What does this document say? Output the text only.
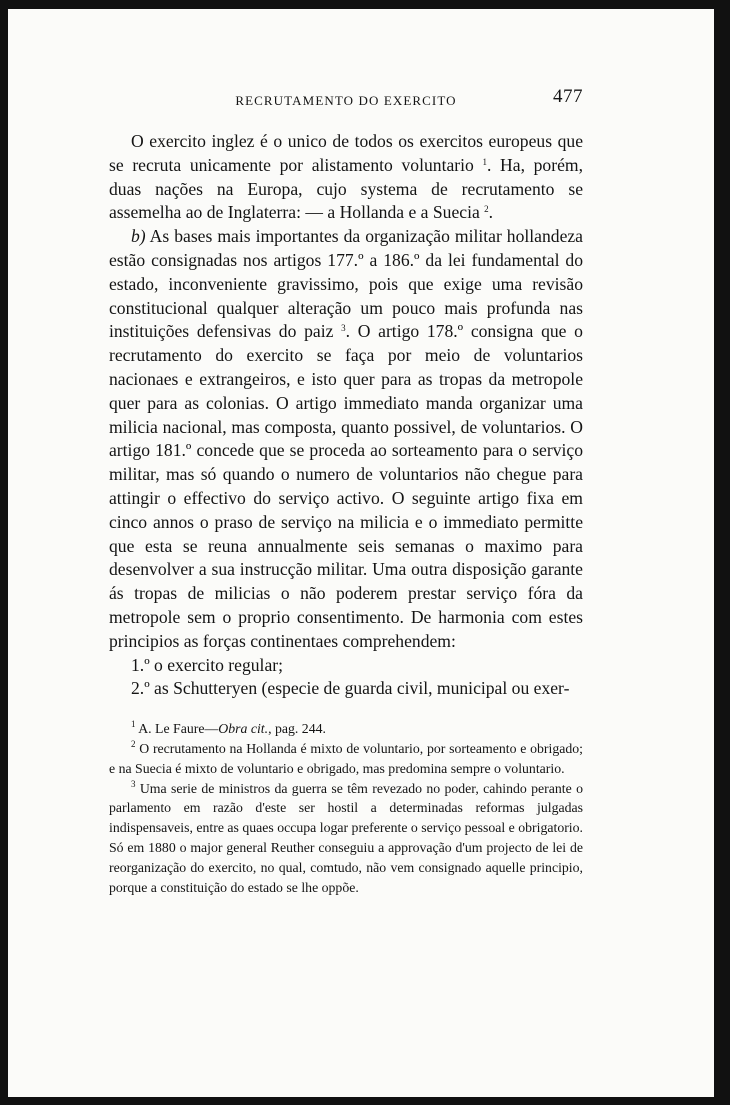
RECRUTAMENTO DO EXERCITO	477

O exercito inglez é o unico de todos os exercitos europeus que se recruta unicamente por alistamento voluntario $^1$. Ha, porém, duas nações na Europa, cujo systema de recrutamento se assemelha ao de Inglaterra: — a Hollanda e a Suecia $^2$.

b) As bases mais importantes da organização militar hollandeza estão consignadas nos artigos 177.º a 186.º da lei fundamental do estado, inconveniente gravissimo, pois que exige uma revisão constitucional qualquer alteração um pouco mais profunda nas instituições defensivas do paiz $^3$. O artigo 178.º consigna que o recrutamento do exercito se faça por meio de voluntarios nacionaes e extrangeiros, e isto quer para as tropas da metropole quer para as colonias. O artigo immediato manda organizar uma milicia nacional, mas composta, quanto possivel, de voluntarios. O artigo 181.º concede que se proceda ao sorteamento para o serviço militar, mas só quando o numero de voluntarios não chegue para attingir o effectivo do serviço activo. O seguinte artigo fixa em cinco annos o praso de serviço na milicia e o immediato permitte que esta se reuna annualmente seis semanas o maximo para desenvolver a sua instrucção militar. Uma outra disposição garante ás tropas de milicias o não poderem prestar serviço fóra da metropole sem o proprio consentimento. De harmonia com estes principios as forças continentaes comprehendem:

1.º o exercito regular;

2.º as Schutteryen (especie de guarda civil, municipal ou exer-

$^1$ A. Le Faure—Obra cit., pag. 244.

$^2$ O recrutamento na Hollanda é mixto de voluntario, por sorteamento e obrigado; e na Suecia é mixto de voluntario e obrigado, mas predomina sempre o voluntario.

$^3$ Uma serie de ministros da guerra se têm revezado no poder, cahindo perante o parlamento em razão d'este ser hostil a determinadas reformas julgadas indispensaveis, entre as quaes occupa logar preferente o serviço pessoal e obrigatorio. Só em 1880 o major general Reuther conseguiu a approvação d'um projecto de lei de reorganização do exercito, no qual, comtudo, não vem consignado aquelle principio, porque a constituição do estado se lhe oppõe.
